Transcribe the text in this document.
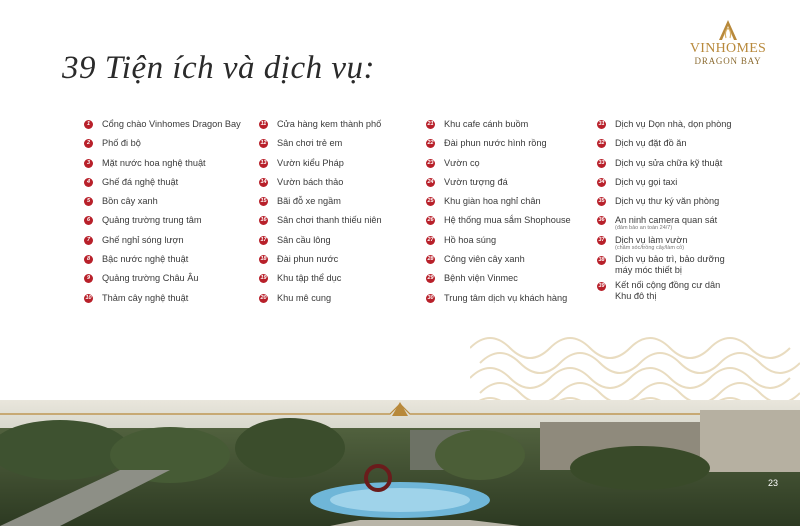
39 Tiện ích và dịch vụ:
VINHOMES
DRAGON BAY
1	Cổng chào Vinhomes Dragon Bay
2	Phố đi bộ
3	Mặt nước hoa nghệ thuật
4	Ghế đá nghệ thuật
5	Bồn cây xanh
6	Quảng trường trung tâm
7	Ghế nghỉ sóng lượn
8	Bậc nước nghệ thuật
9	Quảng trường Châu Âu
10 Thảm cây nghệ thuật
11 Cửa hàng kem thành phố
12 Sân chơi trẻ em
13 Vườn kiểu Pháp
14 Vườn bách thảo
15 Bãi đỗ xe ngầm
16 Sân chơi thanh thiếu niên
17 Sân cầu lông
18 Đài phun nước
19 Khu tập thể dục
20 Khu mê cung
21 Khu cafe cánh buồm
22 Đài phun nước hình rồng
23 Vườn cọ
24 Vườn tượng đá
25 Khu giàn hoa nghỉ chân
26 Hệ thống mua sắm Shophouse
27 Hồ hoa súng
28 Công viên cây xanh
29 Bệnh viện Vinmec
30 Trung tâm dịch vụ khách hàng
31 Dịch vụ Dọn nhà, dọn phòng
32 Dịch vụ đặt đồ ăn
33 Dịch vụ sửa chữa kỹ thuật
34 Dịch vụ gọi taxi
35 Dịch vụ thư ký văn phòng
36 An ninh camera quan sát
(đảm bảo an toàn 24/7)
37 Dịch vụ làm vườn
(chăm sóc/trồng cây/làm cỏ)
38 Dịch vụ bảo trì, bảo dưỡng
máy móc thiết bị
39 Kết nối cộng đồng cư dân
Khu đô thị
23
